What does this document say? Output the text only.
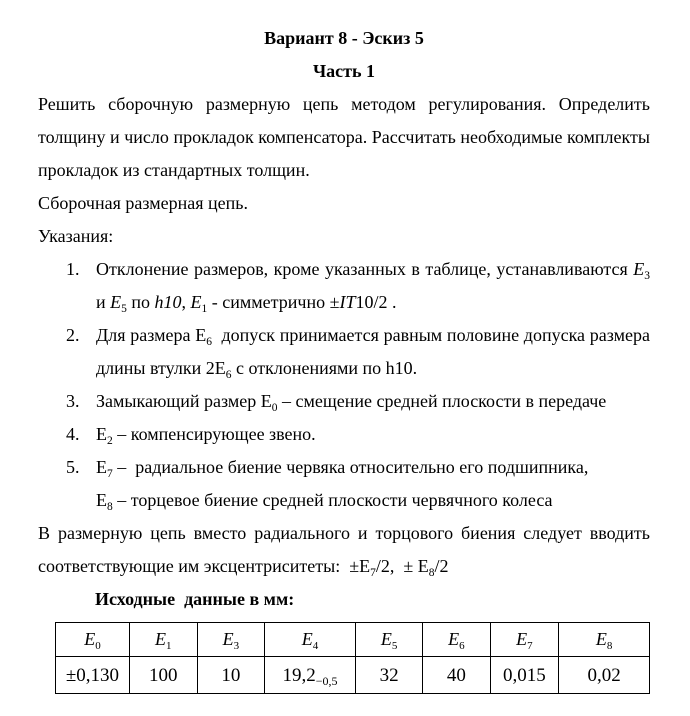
Вариант 8 - Эскиз 5

Часть 1

Решить сборочную размерную цепь методом регулирования. Определить толщину и число прокладок компенсатора. Рассчитать необходимые комплекты прокладок из стандартных толщин.

Сборочная размерная цепь.

Указания:

1. Отклонение размеров, кроме указанных в таблице, устанавливаются $E_3$ и $E_5$ по h10, $E_1$ - симметрично ±IT10/2 .
2. Для размера $Е_6$  допуск принимается равным половине допуска размера длины втулки $2Е_6$ с отклонениями по h10.
3. Замыкающий размер $Е_0$ – смещение средней плоскости в передаче
4. $Е_2$ – компенсирующее звено.
5. $Е_7$ –  радиальное биение червяка относительно его подшипника,
$Е_8$ – торцевое биение средней плоскости червячного колеса

В размерную цепь вместо радиального и торцового биения следует вводить соответствующие им эксцентриситеты:  $\pm Е_7/2$,  ± $Е_8/2$

Исходные  данные в мм:

$E_0$	$E_1$	$E_3$	$E_4$	$E_5$	$E_6$	$E_7$	$E_8$
±0,130	100	10	$19,2_{-0,5}$	32	40	0,015	0,02
